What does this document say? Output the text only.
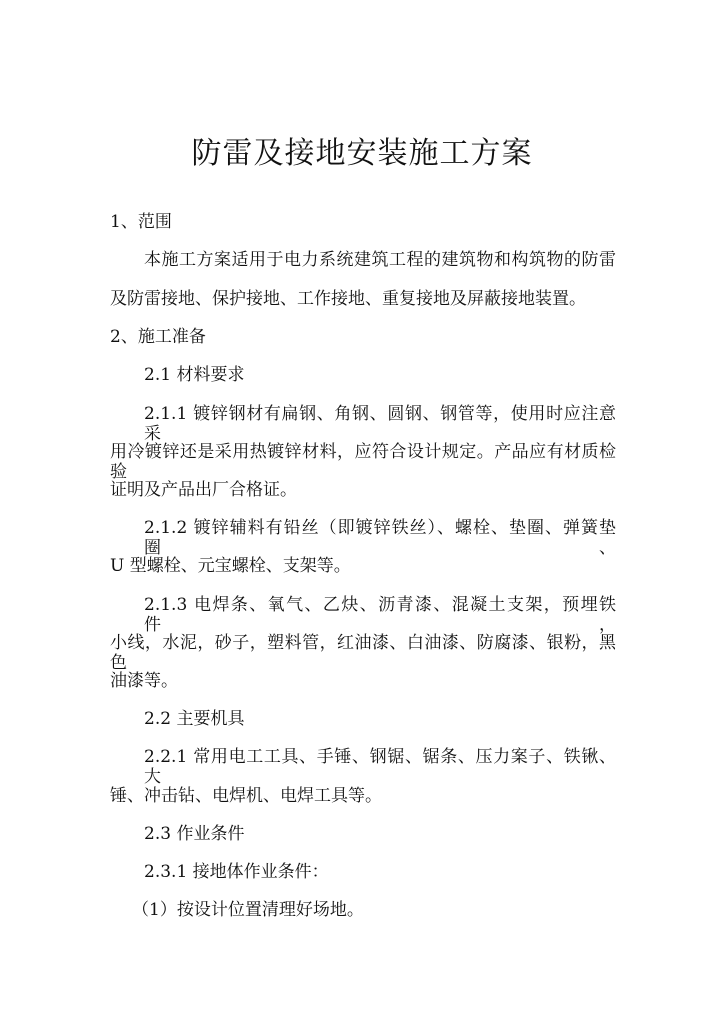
防雷及接地安装施工方案
1、范围
本施工方案适用于电力系统建筑工程的建筑物和构筑物的防雷
及防雷接地、保护接地、工作接地、重复接地及屏蔽接地装置。
2、施工准备
2.1 材料要求
2.1.1 镀锌钢材有扁钢、角钢、圆钢、钢管等，使用时应注意采
用冷镀锌还是采用热镀锌材料，应符合设计规定。产品应有材质检验
证明及产品出厂合格证。
2.1.2 镀锌辅料有铅丝（即镀锌铁丝）、螺栓、垫圈、弹簧垫圈、
U 型螺栓、元宝螺栓、支架等。
2.1.3 电焊条、氧气、乙炔、沥青漆、混凝土支架，预埋铁件，
小线，水泥，砂子，塑料管，红油漆、白油漆、防腐漆、银粉，黑色
油漆等。
2.2 主要机具
2.2.1 常用电工工具、手锤、钢锯、锯条、压力案子、铁锹、大
锤、冲击钻、电焊机、电焊工具等。
2.3 作业条件
2.3.1 接地体作业条件：
（1）按设计位置清理好场地。
